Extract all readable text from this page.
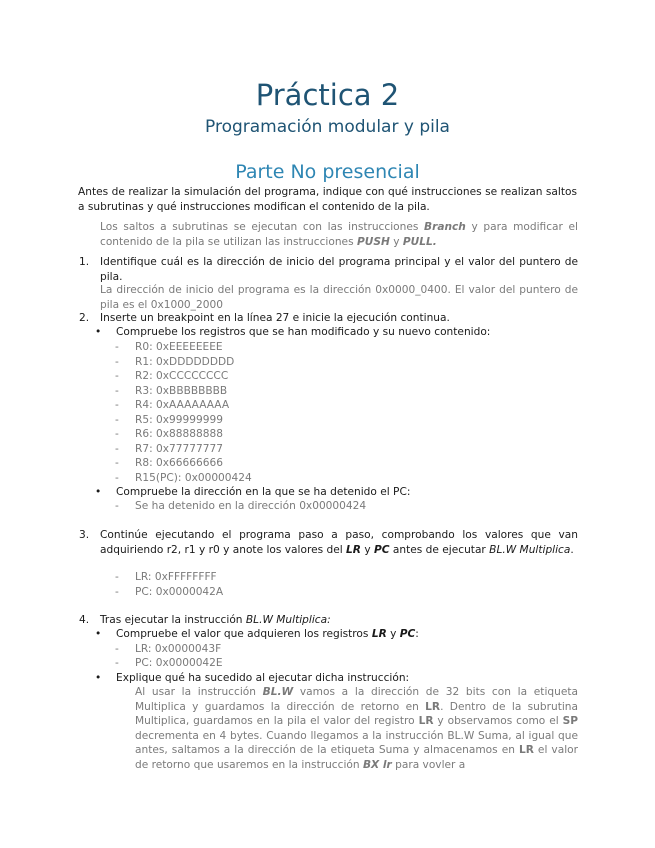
Práctica 2
Programación modular y pila
Parte No presencial
Antes de realizar la simulación del programa, indique con qué instrucciones se realizan saltos a subrutinas y qué instrucciones modifican el contenido de la pila.
Los saltos a subrutinas se ejecutan con las instrucciones Branch y para modificar el contenido de la pila se utilizan las instrucciones PUSH y PULL.
1. Identifique cuál es la dirección de inicio del programa principal y el valor del puntero de pila.
La dirección de inicio del programa es la dirección 0x0000_0400. El valor del puntero de pila es el 0x1000_2000
2. Inserte un breakpoint en la línea 27 e inicie la ejecución continua.
• Compruebe los registros que se han modificado y su nuevo contenido:
- R0: 0xEEEEEEEE
- R1: 0xDDDDDDDD
- R2: 0xCCCCCCCC
- R3: 0xBBBBBBBB
- R4: 0xAAAAAAAA
- R5: 0x99999999
- R6: 0x88888888
- R7: 0x77777777
- R8: 0x66666666
- R15(PC): 0x00000424
• Compruebe la dirección en la que se ha detenido el PC:
- Se ha detenido en la dirección 0x00000424
3. Continúe ejecutando el programa paso a paso, comprobando los valores que van adquiriendo r2, r1 y r0 y anote los valores del LR y PC antes de ejecutar BL.W Multiplica.
- LR: 0xFFFFFFFF
- PC: 0x0000042A
4. Tras ejecutar la instrucción BL.W Multiplica:
• Compruebe el valor que adquieren los registros LR y PC:
- LR: 0x0000043F
- PC: 0x0000042E
• Explique qué ha sucedido al ejecutar dicha instrucción:
Al usar la instrucción BL.W vamos a la dirección de 32 bits con la etiqueta Multiplica y guardamos la dirección de retorno en LR. Dentro de la subrutina Multiplica, guardamos en la pila el valor del registro LR y observamos como el SP decrementa en 4 bytes. Cuando llegamos a la instrucción BL.W Suma, al igual que antes, saltamos a la dirección de la etiqueta Suma y almacenamos en LR el valor de retorno que usaremos en la instrucción BX lr para vovler a
